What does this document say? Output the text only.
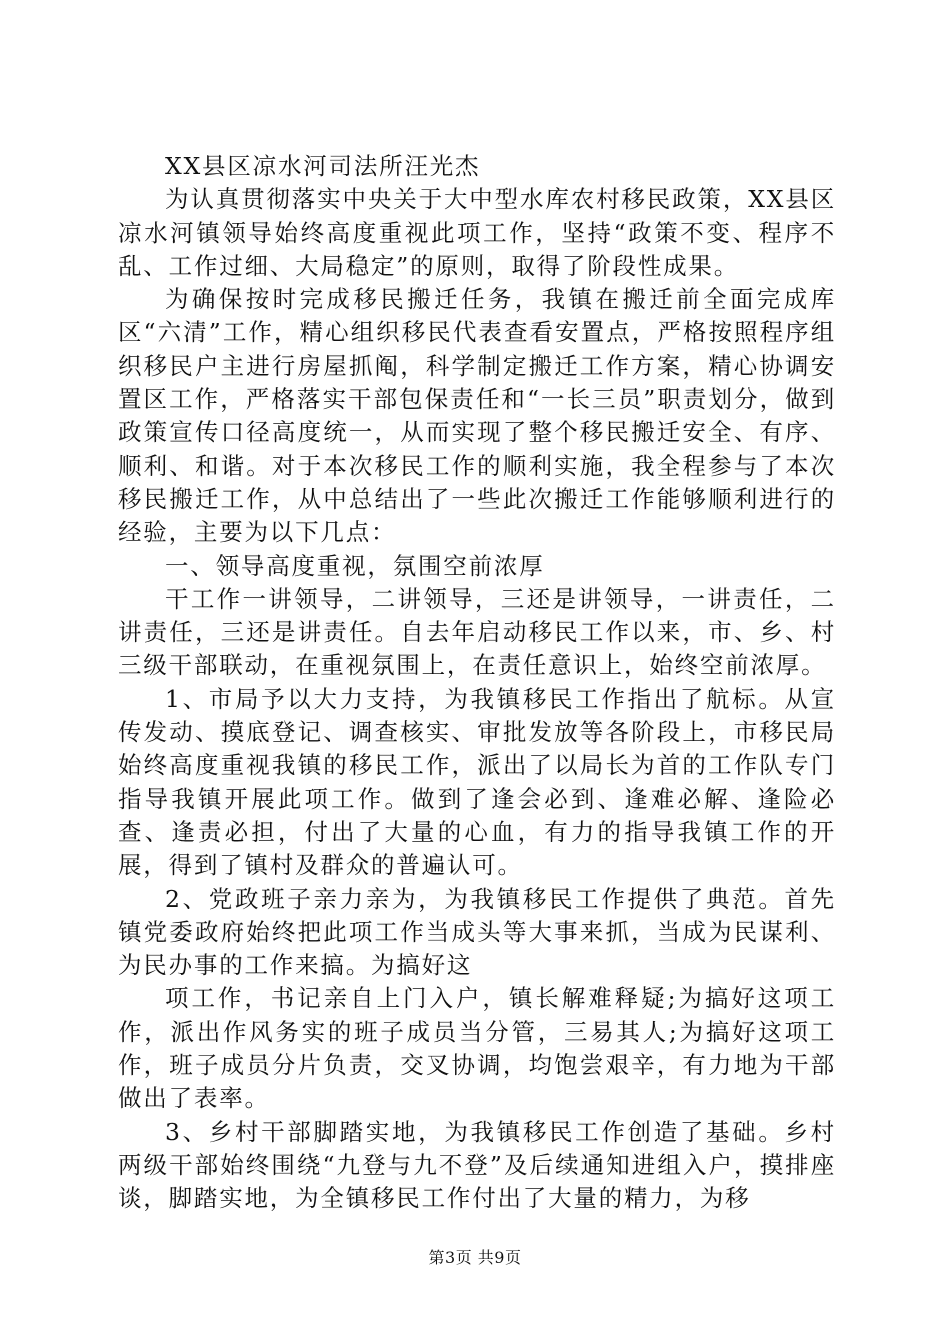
XX县区凉水河司法所汪光杰

为认真贯彻落实中央关于大中型水库农村移民政策，XX县区凉水河镇领导始终高度重视此项工作，坚持“政策不变、程序不乱、工作过细、大局稳定”的原则，取得了阶段性成果。

为确保按时完成移民搬迁任务，我镇在搬迁前全面完成库区“六清”工作，精心组织移民代表查看安置点，严格按照程序组织移民户主进行房屋抓阄，科学制定搬迁工作方案，精心协调安置区工作，严格落实干部包保责任和“一长三员”职责划分，做到政策宣传口径高度统一，从而实现了整个移民搬迁安全、有序、顺利、和谐。对于本次移民工作的顺利实施，我全程参与了本次移民搬迁工作，从中总结出了一些此次搬迁工作能够顺利进行的经验，主要为以下几点：

一、领导高度重视，氛围空前浓厚

干工作一讲领导，二讲领导，三还是讲领导，一讲责任，二讲责任，三还是讲责任。自去年启动移民工作以来，市、乡、村三级干部联动，在重视氛围上，在责任意识上，始终空前浓厚。

1、市局予以大力支持，为我镇移民工作指出了航标。从宣传发动、摸底登记、调查核实、审批发放等各阶段上，市移民局始终高度重视我镇的移民工作，派出了以局长为首的工作队专门指导我镇开展此项工作。做到了逢会必到、逢难必解、逢险必查、逢责必担，付出了大量的心血，有力的指导我镇工作的开展，得到了镇村及群众的普遍认可。

2、党政班子亲力亲为，为我镇移民工作提供了典范。首先镇党委政府始终把此项工作当成头等大事来抓，当成为民谋利、为民办事的工作来搞。为搞好这

项工作，书记亲自上门入户，镇长解难释疑;为搞好这项工作，派出作风务实的班子成员当分管，三易其人;为搞好这项工作，班子成员分片负责，交叉协调，均饱尝艰辛，有力地为干部做出了表率。

3、乡村干部脚踏实地，为我镇移民工作创造了基础。乡村两级干部始终围绕“九登与九不登”及后续通知进组入户，摸排座谈，脚踏实地，为全镇移民工作付出了大量的精力，为移

第3页 共9页
